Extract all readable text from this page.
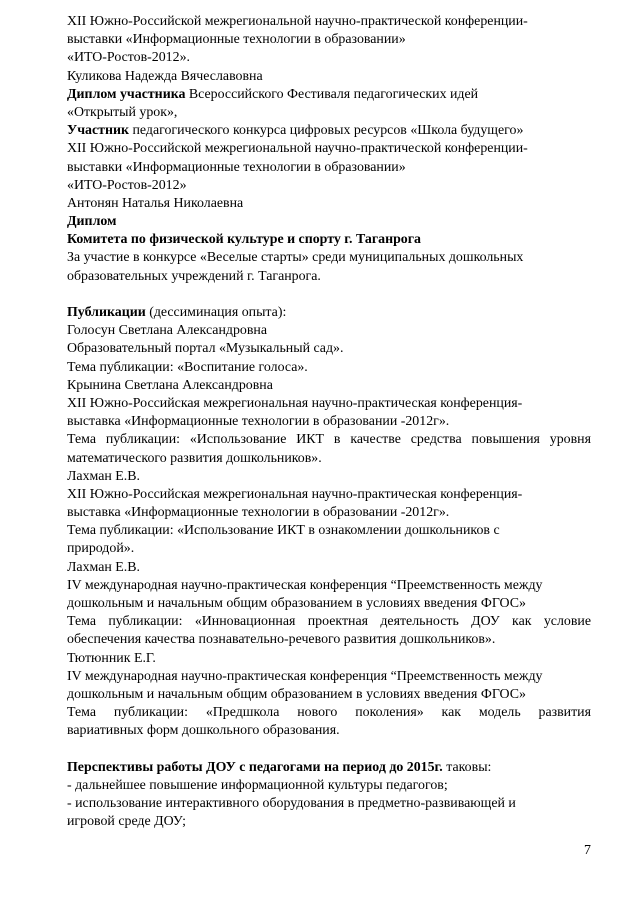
XII Южно-Российской межрегиональной научно-практической конференции-
выставки «Информационные технологии в образовании»
«ИТО-Ростов-2012».
Куликова Надежда Вячеславовна
Диплом участника Всероссийского Фестиваля педагогических идей
«Открытый урок»,
Участник педагогического конкурса цифровых ресурсов «Школа будущего»
XII Южно-Российской межрегиональной научно-практической конференции-
выставки «Информационные технологии в образовании»
«ИТО-Ростов-2012»
Антонян Наталья Николаевна
Диплом
Комитета по физической культуре и спорту г. Таганрога
За участие в конкурсе «Веселые старты» среди муниципальных дошкольных
образовательных учреждений г. Таганрога.
Публикации (дессиминация опыта):
Голосун Светлана Александровна
Образовательный портал «Музыкальный сад».
Тема публикации: «Воспитание голоса».
Крынина Светлана Александровна
XII Южно-Российская межрегиональная научно-практическая конференция-
выставка «Информационные технологии в образовании -2012г».
Тема публикации: «Использование ИКТ в качестве средства повышения уровня
математического развития дошкольников».
Лахман Е.В.
XII Южно-Российская межрегиональная научно-практическая конференция-
выставка «Информационные технологии в образовании -2012г».
Тема публикации: «Использование ИКТ в ознакомлении дошкольников с
природой».
Лахман Е.В.
IV международная научно-практическая конференция “Преемственность между
дошкольным и начальным общим образованием в условиях введения ФГОС»
Тема публикации: «Инновационная проектная деятельность ДОУ как условие
обеспечения качества познавательно-речевого развития дошкольников».
Тютюнник Е.Г.
IV международная научно-практическая конференция “Преемственность между
дошкольным и начальным общим образованием в условиях введения ФГОС»
Тема публикации: «Предшкола нового поколения» как модель развития
вариативных форм дошкольного образования.
Перспективы работы ДОУ с педагогами на период до 2015г. таковы:
- дальнейшее повышение информационной культуры педагогов;
- использование интерактивного оборудования в предметно-развивающей и
игровой среде ДОУ;
7
